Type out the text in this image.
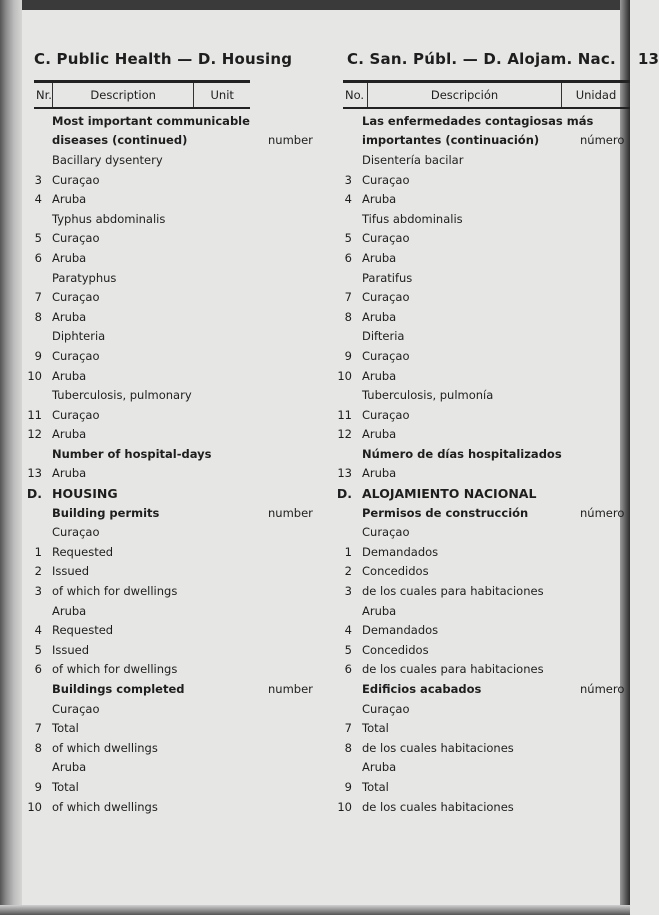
C. Public Health — D. Housing	C. San. Públ. — D. Alojam. Nac. 13
Nr.	Description	Unit	No.	Descripción	Unidad
Most important communicable
diseases (continued)	number
Bacillary dysentery
3 Curaçao
4 Aruba
Typhus abdominalis
5 Curaçao
6 Aruba
Paratyphus
7 Curaçao
8 Aruba
Diphteria
9 Curaçao
10 Aruba
Tuberculosis, pulmonary
11 Curaçao
12 Aruba
Number of hospital-days
13 Aruba
D. HOUSING
Building permits	number
Curaçao
1 Requested
2 Issued
3 of which for dwellings
Aruba
4 Requested
5 Issued
6 of which for dwellings
Buildings completed	number
Curaçao
7 Total
8 of which dwellings
Aruba
9 Total
10 of which dwellings
Las enfermedades contagiosas más
importantes (continuación)	número
Disentería bacilar
3 Curaçao
4 Aruba
Tifus abdominalis
5 Curaçao
6 Aruba
Paratifus
7 Curaçao
8 Aruba
Difteria
9 Curaçao
10 Aruba
Tuberculosis, pulmonía
11 Curaçao
12 Aruba
Número de días hospitalizados
13 Aruba
D. ALOJAMIENTO NACIONAL
Permisos de construcción	número
Curaçao
1 Demandados
2 Concedidos
3 de los cuales para habitaciones
Aruba
4 Demandados
5 Concedidos
6 de los cuales para habitaciones
Edificios acabados	número
Curaçao
7 Total
8 de los cuales habitaciones
Aruba
9 Total
10 de los cuales habitaciones
